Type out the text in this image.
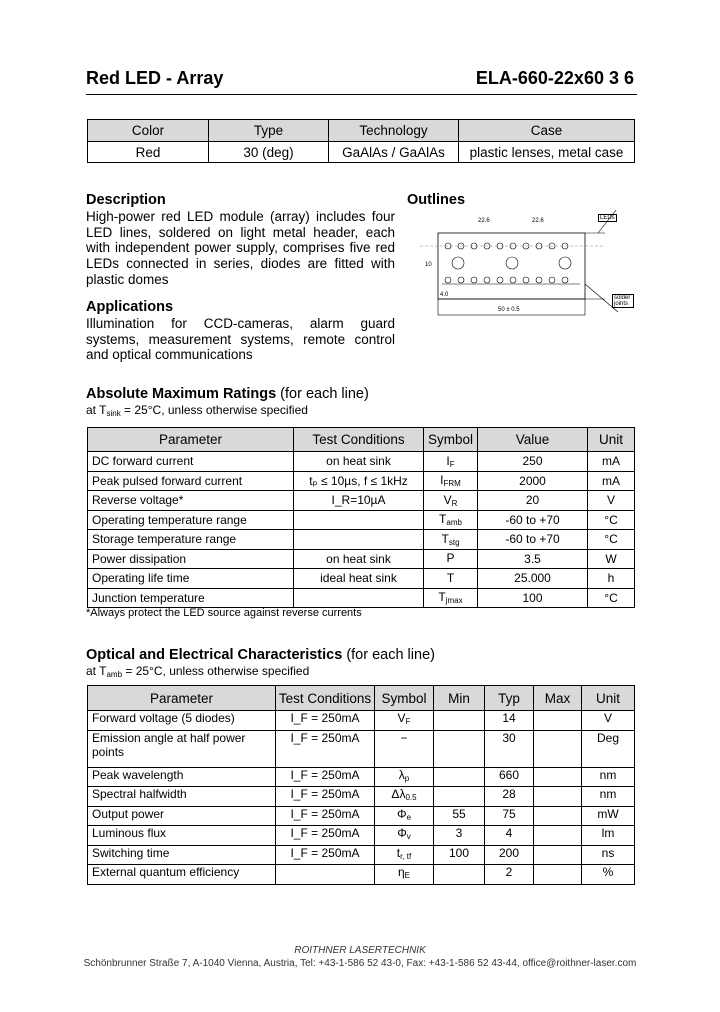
Red LED - Array	ELA-660-22x60 3 6
Color	Type	Technology	Case
Red	30 (deg)	GaAlAs / GaAlAs	plastic lenses, metal case
Description
High-power red LED module (array) includes four LED lines, soldered on light metal header, each with independent power supply, comprises five red LEDs connected in series, diodes are fitted with plastic domes
Applications
Illumination for CCD-cameras, alarm guard systems, measurement systems, remote control and optical communications
Outlines
22.6	22.6
4.0
10
50 ± 0.5
LEDs
solder joints
Absolute Maximum Ratings (for each line)
at $T_{sink} = 25^\circ C$, unless otherwise specified
Parameter	Test Conditions	Symbol	Value	Unit
DC forward current	on heat sink	$I_F$	250	mA
Peak pulsed forward current	tₚ ≤ 10µs, f ≤ 1kHz	$I_{FRM}$	2000	mA
Reverse voltage*	I_R=10µA	$V_R$	20	V
Operating temperature range		$T_{amb}$	-60 to +70	°C
Storage temperature range		$T_{stg}$	-60 to +70	°C
Power dissipation	on heat sink	P	3.5	W
Operating life time	ideal heat sink	T	25.000	h
Junction temperature		$T_{jmax}$	100	°C
*Always protect the LED source against reverse currents
Optical and Electrical Characteristics (for each line)
at $T_{amb} = 25^\circ C$, unless otherwise specified
Parameter	Test Conditions	Symbol	Min	Typ	Max	Unit
Forward voltage (5 diodes)	I_F = 250mA	$V_F$		14		V
Emission angle at half power points	I_F = 250mA	−		30		Deg
Peak wavelength	I_F = 250mA	$\lambda_p$		660		nm
Spectral halfwidth	I_F = 250mA	$\Delta\lambda_{0.5}$		28		nm
Output power	I_F = 250mA	$\Phi_e$	55	75		mW
Luminous flux	I_F = 250mA	$\Phi_v$	3	4		lm
Switching time	I_F = 250mA	$t_{r, tf}$	100	200		ns
External quantum efficiency		$\eta_E$		2		%
ROITHNER LASERTECHNIK
Schönbrunner Straße 7, A-1040 Vienna, Austria, Tel: +43-1-586 52 43-0, Fax: +43-1-586 52 43-44, office@roithner-laser.com
